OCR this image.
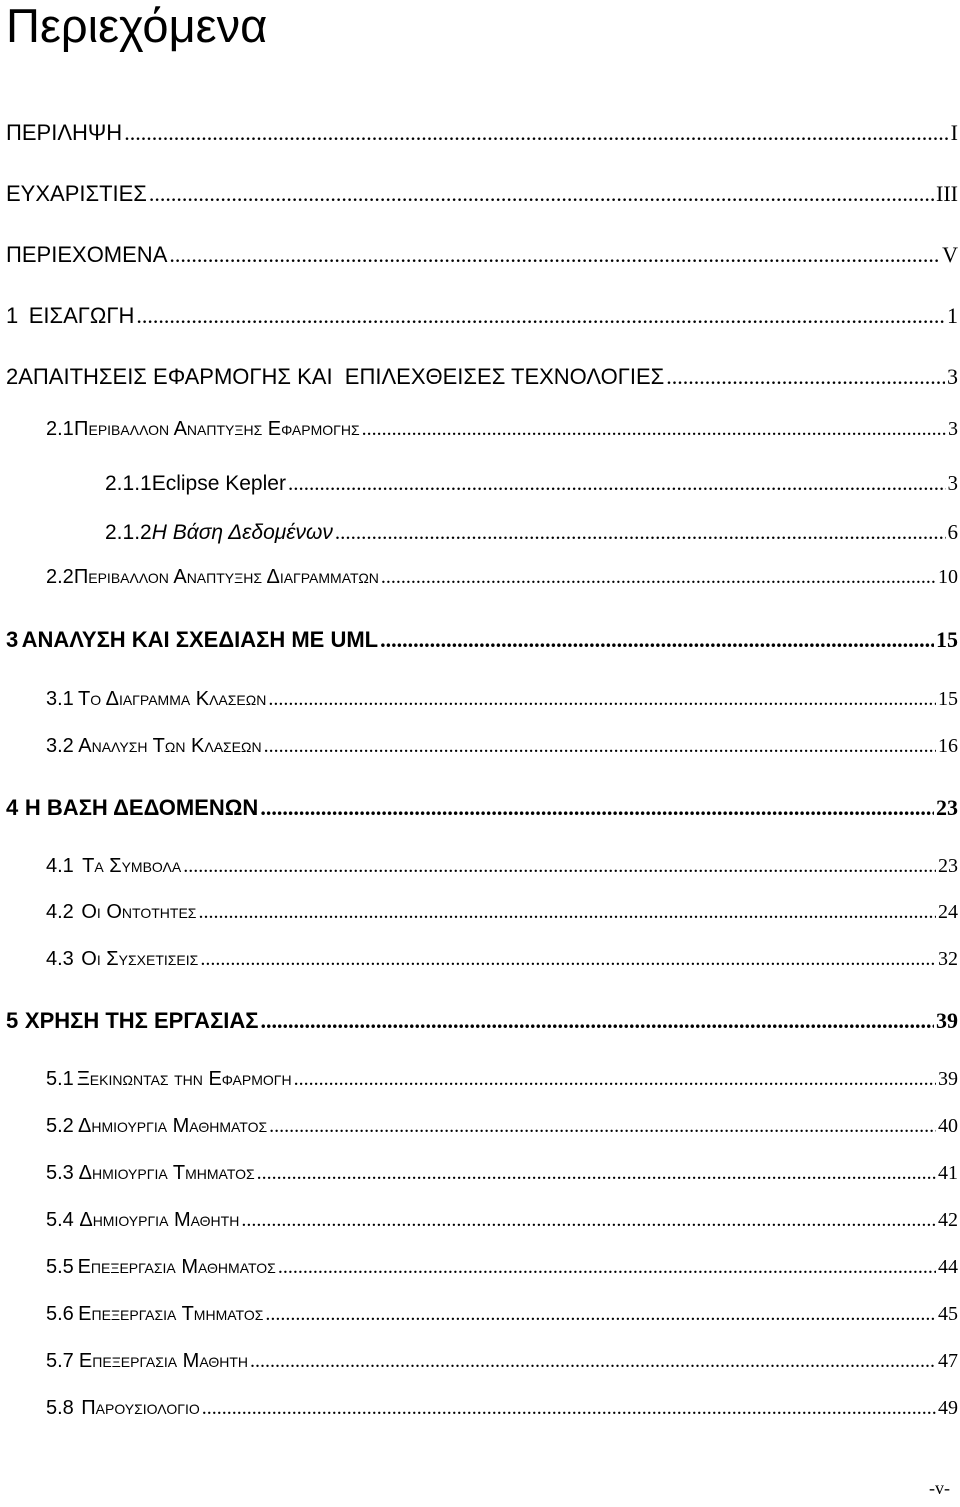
Περιεχόμενα
ΠΕΡΙΛΗΨΗ .....	I
ΕΥΧΑΡΙΣΤΙΕΣ .....	III
ΠΕΡΙΕΧΟΜΕΝΑ .....	V
1 ΕΙΣΑΓΩΓΗ .....	1
2 ΑΠΑΙΤΗΣΕΙΣ ΕΦΑΡΜΟΓΗΣ ΚΑΙ  ΕΠΙΛΕΧΘΕΙΣΕΣ ΤΕΧΝΟΛΟΓΙΕΣ .....	3
2.1 Περιβαλλον Αναπτυξης Εφαρμογης .....	3
2.1.1 Eclipse Kepler .....	3
2.1.2 Η Βάση Δεδομένων .....	6
2.2 Περιβαλλον Αναπτυξης Διαγραμματων .....	10
3 ΑΝΑΛΥΣΗ ΚΑΙ ΣΧΕΔΙΑΣΗ ΜΕ UML .....	15
3.1 Το Διαγραμμα Κλασεων .....	15
3.2 Αναλυση Των Κλασεων .....	16
4 Η ΒΑΣΗ ΔΕΔΟΜΕΝΩΝ .....	23
4.1 Τα Συμβολα .....	23
4.2 Οι Οντοτητες .....	24
4.3 Οι Συσχετισεις .....	32
5 ΧΡΗΣΗ ΤΗΣ ΕΡΓΑΣΙΑΣ .....	39
5.1 Ξεκινωντας την Εφαρμογη .....	39
5.2 Δημιουργια Μαθηματος .....	40
5.3 Δημιουργια Τμηματος .....	41
5.4 Δημιουργια Μαθητη .....	42
5.5 Επεξεργασια Μαθηματος .....	44
5.6 Επεξεργασια Τμηματος .....	45
5.7 Επεξεργασια Μαθητη .....	47
5.8 Παρουσιολογιο .....	49
-v-
